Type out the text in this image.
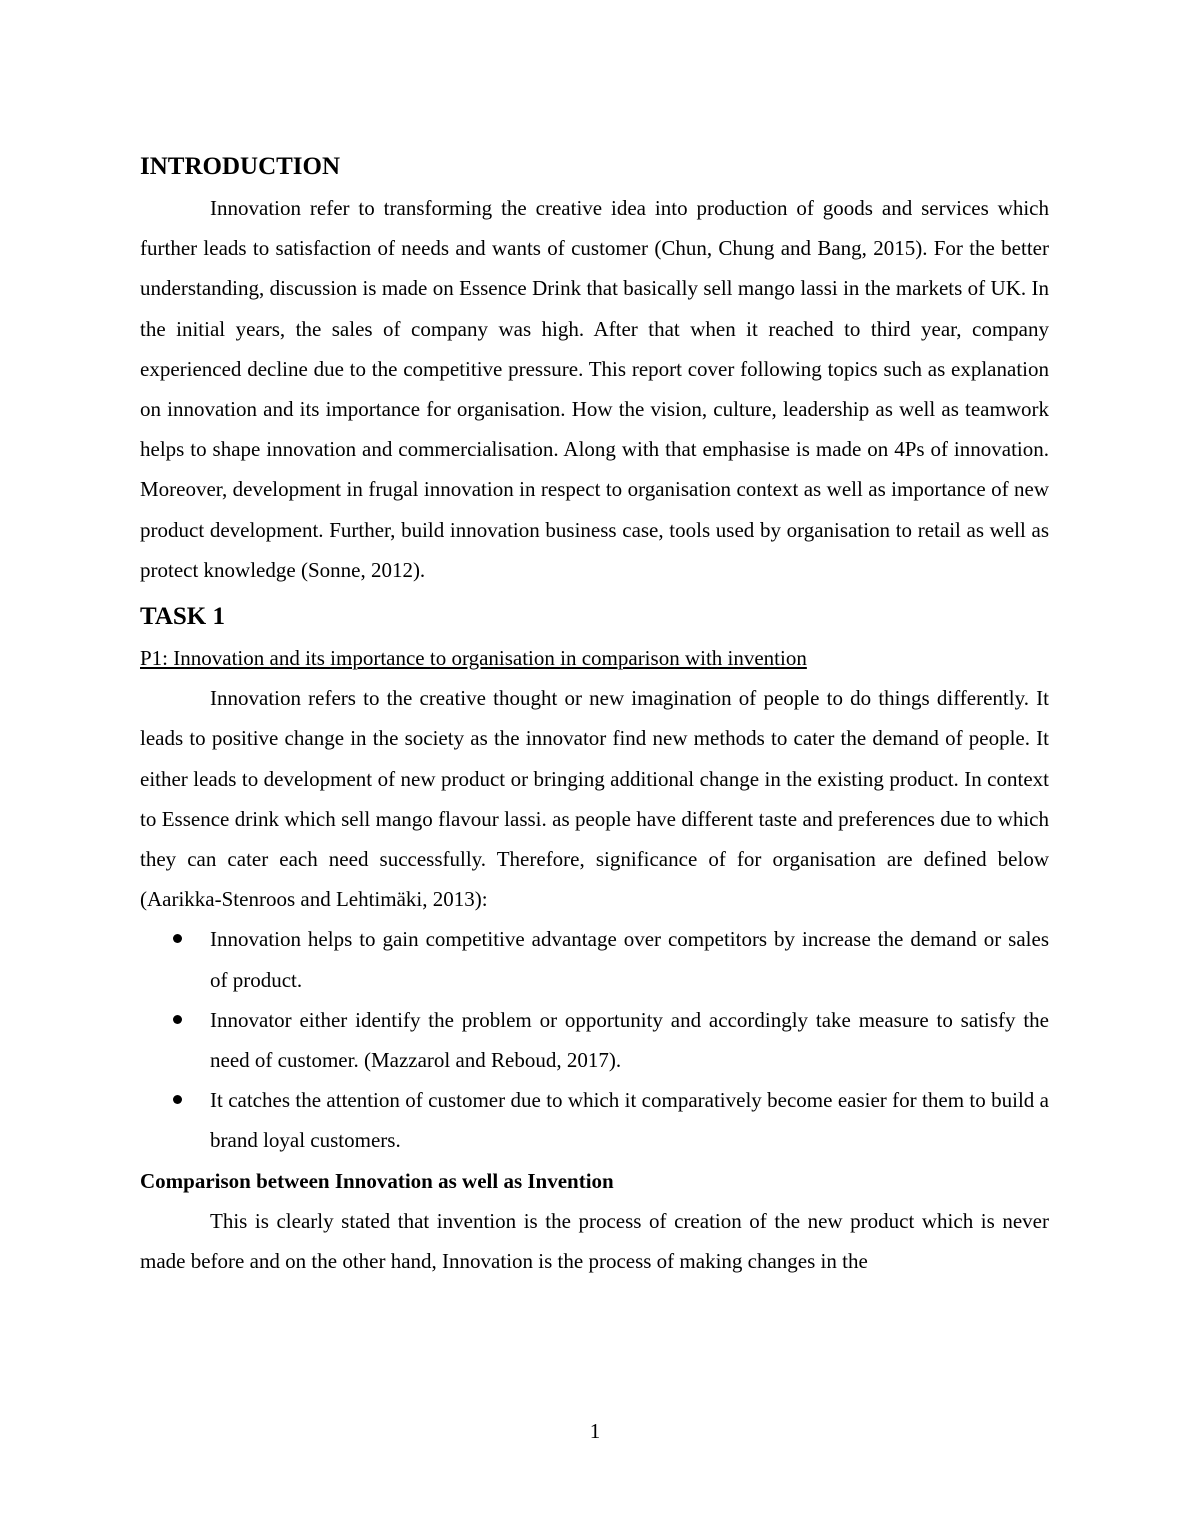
INTRODUCTION

Innovation refer to transforming the creative idea into production of goods and services which further leads to satisfaction of needs and wants of customer (Chun, Chung and Bang, 2015). For the better understanding, discussion is made on Essence Drink that basically sell mango lassi in the markets of UK. In the initial years, the sales of company was high. After that when it reached to third year, company experienced decline due to the competitive pressure. This report cover following topics such as explanation on innovation and its importance for organisation. How the vision, culture, leadership as well as teamwork helps to shape innovation and commercialisation. Along with that emphasise is made on 4Ps of innovation. Moreover, development in frugal innovation in respect to organisation context as well as importance of new product development. Further, build innovation business case, tools used by organisation to retail as well as protect knowledge (Sonne, 2012).

TASK 1

P1: Innovation and its importance to organisation in comparison with invention

Innovation refers to the creative thought or new imagination of people to do things differently. It leads to positive change in the society as the innovator find new methods to cater the demand of people. It either leads to development of new product or bringing additional change in the existing product. In context to Essence drink which sell mango flavour lassi. as people have different taste and preferences due to which they can cater each need successfully. Therefore, significance of for organisation are defined below (Aarikka-Stenroos and Lehtimäki, 2013):

Innovation helps to gain competitive advantage over competitors by increase the demand or sales of product.
Innovator either identify the problem or opportunity and accordingly take measure to satisfy the need of customer. (Mazzarol and Reboud, 2017).
It catches the attention of customer due to which it comparatively become easier for them to build a brand loyal customers.

Comparison between Innovation as well as Invention

This is clearly stated that invention is the process of creation of the new product which is never made before and on the other hand, Innovation is the process of making changes in the

1
